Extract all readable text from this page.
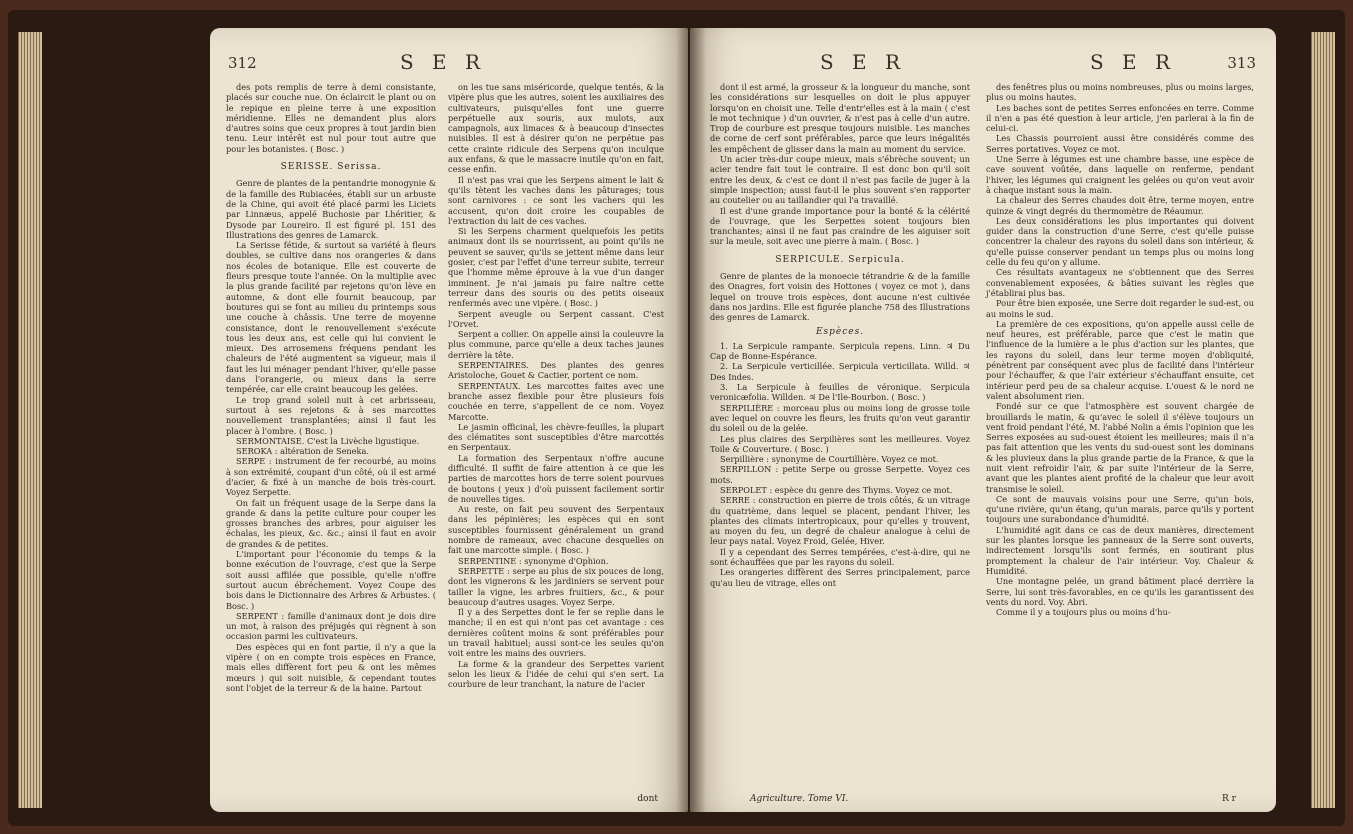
312	S E R

des pots remplis de terre à demi consistante, placés sur couche nue. On éclaircit le plant ou on le repique en pleine terre à une exposition méridienne. Elles ne demandent plus alors d'autres soins que ceux propres à tout jardin bien tenu. Leur intérêt est nul pour tout autre que pour les botanistes. ( Bosc. )

SERISSE. Serissa.

Genre de plantes de la pentandrie monogynie & de la famille des Rubiacées, établi sur un arbuste de la Chine, qui avoit été placé parmi les Liciets par Linnæus, appelé Buchosie par Lhéritier, & Dysode par Loureiro. Il est figuré pl. 151 des Illustrations des genres de Lamarck.

La Serisse fétide, & surtout sa variété à fleurs doubles, se cultive dans nos orangeries & dans nos écoles de botanique. Elle est couverte de fleurs presque toute l'année. On la multiplie avec la plus grande facilité par rejetons qu'on lève en automne, & dont elle fournit beaucoup, par boutures qui se font au milieu du printemps sous une couche à châssis. Une terre de moyenne consistance, dont le renouvellement s'exécute tous les deux ans, est celle qui lui convient le mieux. Des arrosemens fréquens pendant les chaleurs de l'été augmentent sa vigueur, mais il faut les lui ménager pendant l'hiver, qu'elle passe dans l'orangerie, ou mieux dans la serre tempérée, car elle craint beaucoup les gelées.

Le trop grand soleil nuit à cet arbrisseau, surtout à ses rejetons & à ses marcottes nouvellement transplantées; ainsi il faut les placer à l'ombre. ( Bosc. )

SERMONTAISE. C'est la Livèche ligustique.

SEROKA : altération de Seneka.

SERPE : instrument de fer recourbé, au moins à son extrémité, coupant d'un côté, où il est armé d'acier, & fixé à un manche de bois très-court. Voyez Serpette.

On fait un fréquent usage de la Serpe dans la grande & dans la petite culture pour couper les grosses branches des arbres, pour aiguiser les échalas, les pieux, &c. &c.; ainsi il faut en avoir de grandes & de petites.

L'important pour l'économie du temps & la bonne exécution de l'ouvrage, c'est que la Serpe soit aussi affilée que possible, qu'elle n'offre surtout aucun ébréchement. Voyez Coupe des bois dans le Dictionnaire des Arbres & Arbustes. ( Bosc. )

SERPENT : famille d'animaux dont je dois dire un mot, à raison des préjugés qui règnent à son occasion parmi les cultivateurs.

Des espèces qui en font partie, il n'y a que la vipère ( on en compte trois espèces en France, mais elles diffèrent fort peu & ont les mêmes mœurs ) qui soit nuisible, & cependant toutes sont l'objet de la terreur & de la haine. Partout

on les tue sans miséricorde, quelque tentés, & la vipère plus que les autres, soient les auxiliaires des cultivateurs, puisqu'elles font une guerre perpétuelle aux souris, aux mulots, aux campagnols, aux limaces & à beaucoup d'insectes nuisibles. Il est à désirer qu'on ne perpétue pas cette crainte ridicule des Serpens qu'on inculque aux enfans, & que le massacre inutile qu'on en fait, cesse enfin.

Il n'est pas vrai que les Serpens aiment le lait & qu'ils tètent les vaches dans les pâturages; tous sont carnivores : ce sont les vachers qui les accusent, qu'on doit croire les coupables de l'extraction du lait de ces vaches.

Si les Serpens charment quelquefois les petits animaux dont ils se nourrissent, au point qu'ils ne peuvent se sauver, qu'ils se jettent même dans leur gosier, c'est par l'effet d'une terreur subite, terreur que l'homme même éprouve à la vue d'un danger imminent. Je n'ai jamais pu faire naître cette terreur dans des souris ou des petits oiseaux renfermés avec une vipère. ( Bosc. )

Serpent aveugle ou Serpent cassant. C'est l'Orvet.

Serpent a collier. On appelle ainsi la couleuvre la plus commune, parce qu'elle a deux taches jaunes derrière la tête.

SERPENTAIRES. Des plantes des genres Aristoloche, Gouet & Cactier, portent ce nom.

SERPENTAUX. Les marcottes faites avec une branche assez flexible pour être plusieurs fois couchée en terre, s'appellent de ce nom. Voyez Marcotte.

Le jasmin officinal, les chèvre-feuilles, la plupart des clématites sont susceptibles d'être marcottés en Serpentaux.

La formation des Serpentaux n'offre aucune difficulté. Il suffit de faire attention à ce que les parties de marcottes hors de terre soient pourvues de boutons ( yeux ) d'où puissent facilement sortir de nouvelles tiges.

Au reste, on fait peu souvent des Serpentaux dans les pépinières; les espèces qui en sont susceptibles fournissent généralement un grand nombre de rameaux, avec chacune desquelles on fait une marcotte simple. ( Bosc. )

SERPENTINE : synonyme d'Ophion.

SERPETTE : serpe au plus de six pouces de long, dont les vignerons & les jardiniers se servent pour tailler la vigne, les arbres fruitiers, &c., & pour beaucoup d'autres usages. Voyez Serpe.

Il y a des Serpettes dont le fer se replie dans le manche; il en est qui n'ont pas cet avantage : ces dernières coûtent moins & sont préférables pour un travail habituel; aussi sont-ce les seules qu'on voit entre les mains des ouvriers.

La forme & la grandeur des Serpettes varient selon les lieux & l'idée de celui qui s'en sert. La courbure de leur tranchant, la nature de l'acier

dont
S E R	S E R	313

dont il est armé, la grosseur & la longueur du manche, sont les considérations sur lesquelles on doit le plus appuyer lorsqu'on en choisit une. Telle d'entr'elles est à la main ( c'est le mot technique ) d'un ouvrier, & n'est pas à celle d'un autre. Trop de courbure est presque toujours nuisible. Les manches de corne de cerf sont préférables, parce que leurs inégalités les empêchent de glisser dans la main au moment du service.

Un acier très-dur coupe mieux, mais s'ébrèche souvent; un acier tendre fait tout le contraire. Il est donc bon qu'il soit entre les deux, & c'est ce dont il n'est pas facile de juger à la simple inspection; aussi faut-il le plus souvent s'en rapporter au coutelier ou au taillandier qui l'a travaillé.

Il est d'une grande importance pour la bonté & la célérité de l'ouvrage, que les Serpettes soient toujours bien tranchantes; ainsi il ne faut pas craindre de les aiguiser soit sur la meule, soit avec une pierre à main. ( Bosc. )

SERPICULE. Serpicula.

Genre de plantes de la monoecie tétrandrie & de la famille des Onagres, fort voisin des Hottones ( voyez ce mot ), dans lequel on trouve trois espèces, dont aucune n'est cultivée dans nos jardins. Elle est figurée planche 758 des Illustrations des genres de Lamarck.

Espèces.

1. La Serpicule rampante. Serpicula repens. Linn. ♃ Du Cap de Bonne-Espérance.

2. La Serpicule verticillée. Serpicula verticillata. Willd. ♃ Des Indes.

3. La Serpicule à feuilles de véronique. Serpicula veronicæfolia. Willden. ♃ De l'Ile-Bourbon. ( Bosc. )

SERPILIÈRE : morceau plus ou moins long de grosse toile avec lequel on couvre les fleurs, les fruits qu'on veut garantir du soleil ou de la gelée.

Les plus claires des Serpilières sont les meilleures. Voyez Toile & Couverture. ( Bosc. )

Serpillière : synonyme de Courtillière. Voyez ce mot.

SERPILLON : petite Serpe ou grosse Serpette. Voyez ces mots.

SERPOLET : espèce du genre des Thyms. Voyez ce mot.

SERRE : construction en pierre de trois côtés, & un vitrage du quatrième, dans lequel se placent, pendant l'hiver, les plantes des climats intertropicaux, pour qu'elles y trouvent, au moyen du feu, un degré de chaleur analogue à celui de leur pays natal. Voyez Froid, Gelée, Hiver.

Il y a cependant des Serres tempérées, c'est-à-dire, qui ne sont échauffées que par les rayons du soleil.

Les orangeries diffèrent des Serres principalement, parce qu'au lieu de vitrage, elles ont

des fenêtres plus ou moins nombreuses, plus ou moins larges, plus ou moins hautes.

Les baches sont de petites Serres enfoncées en terre. Comme il n'en a pas été question à leur article, j'en parlerai à la fin de celui-ci.

Les Chassis pourroient aussi être considérés comme des Serres portatives. Voyez ce mot.

Une Serre à légumes est une chambre basse, une espèce de cave souvent voûtée, dans laquelle on renferme, pendant l'hiver, les légumes qui craignent les gelées ou qu'on veut avoir à chaque instant sous la main.

La chaleur des Serres chaudes doit être, terme moyen, entre quinze & vingt degrés du thermomètre de Réaumur.

Les deux considérations les plus importantes qui doivent guider dans la construction d'une Serre, c'est qu'elle puisse concentrer la chaleur des rayons du soleil dans son intérieur, & qu'elle puisse conserver pendant un temps plus ou moins long celle du feu qu'on y allume.

Ces résultats avantageux ne s'obtiennent que des Serres convenablement exposées, & bâties suivant les règles que j'établirai plus bas.

Pour être bien exposée, une Serre doit regarder le sud-est, ou au moins le sud.

La première de ces expositions, qu'on appelle aussi celle de neuf heures, est préférable, parce que c'est le matin que l'influence de la lumière a le plus d'action sur les plantes, que les rayons du soleil, dans leur terme moyen d'obliquité, pénètrent par conséquent avec plus de facilité dans l'intérieur pour l'échauffer, & que l'air extérieur s'échauffant ensuite, cet intérieur perd peu de sa chaleur acquise. L'ouest & le nord ne valent absolument rien.

Fondé sur ce que l'atmosphère est souvent chargée de brouillards le matin, & qu'avec le soleil il s'élève toujours un vent froid pendant l'été, M. l'abbé Nolin a émis l'opinion que les Serres exposées au sud-ouest étoient les meilleures; mais il n'a pas fait attention que les vents du sud-ouest sont les dominans & les pluvieux dans la plus grande partie de la France, & que la nuit vient refroidir l'air, & par suite l'intérieur de la Serre, avant que les plantes aient profité de la chaleur que leur avoit transmise le soleil.

Ce sont de mauvais voisins pour une Serre, qu'un bois, qu'une rivière, qu'un étang, qu'un marais, parce qu'ils y portent toujours une surabondance d'humidité.

L'humidité agit dans ce cas de deux manières, directement sur les plantes lorsque les panneaux de la Serre sont ouverts, indirectement lorsqu'ils sont fermés, en soutirant plus promptement la chaleur de l'air intérieur. Voy. Chaleur & Humidité.

Une montagne pelée, un grand bâtiment placé derrière la Serre, lui sont très-favorables, en ce qu'ils les garantissent des vents du nord. Voy. Abri.

Comme il y a toujours plus ou moins d'hu-

Agriculture. Tome VI.	R r
